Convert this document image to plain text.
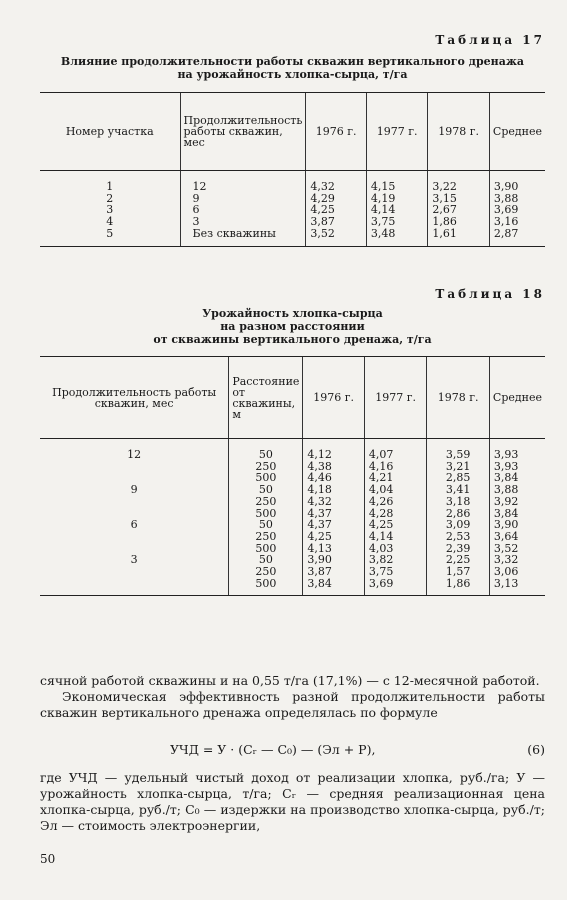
Таблица 17
Влияние продолжительности работы скважин вертикального дренажа
на урожайность хлопка-сырца, т/га
Номер участка	Продолжительность работы скважин, мес	1976 г.	1977 г.	1978 г.	Среднее
1	12	4,32	4,15	3,22	3,90
2	9	4,29	4,19	3,15	3,88
3	6	4,25	4,14	2,67	3,69
4	3	3,87	3,75	1,86	3,16
5	Без скважины	3,52	3,48	1,61	2,87
Таблица 18
Урожайность хлопка-сырца
на разном расстоянии
от скважины вертикального дренажа, т/га
Продолжительность работы скважин, мес	Расстояние от скважины, м	1976 г.	1977 г.	1978 г.	Среднее
12	50	4,12	4,07	3,59	3,93
	250	4,38	4,16	3,21	3,93
	500	4,46	4,21	2,85	3,84
9	50	4,18	4,04	3,41	3,88
	250	4,32	4,26	3,18	3,92
	500	4,37	4,28	2,86	3,84
6	50	4,37	4,25	3,09	3,90
	250	4,25	4,14	2,53	3,64
	500	4,13	4,03	2,39	3,52
3	50	3,90	3,82	2,25	3,32
	250	3,87	3,75	1,57	3,06
	500	3,84	3,69	1,86	3,13

сячной работой скважины и на 0,55 т/га (17,1%) — с 12-месячной работой.

Экономическая эффективность разной продолжительности работы скважин вертикального дренажа определялась по формуле

УЧД = У · (Сᵣ — С₀) — (Эл + Р),	(6)

где УЧД — удельный чистый доход от реализации хлопка, руб./га; У — урожайность хлопка-сырца, т/га; Сᵣ — средняя реализационная цена хлопка-сырца, руб./т; С₀ — издержки на производство хлопка-сырца, руб./т; Эл — стоимость электроэнергии,

50
